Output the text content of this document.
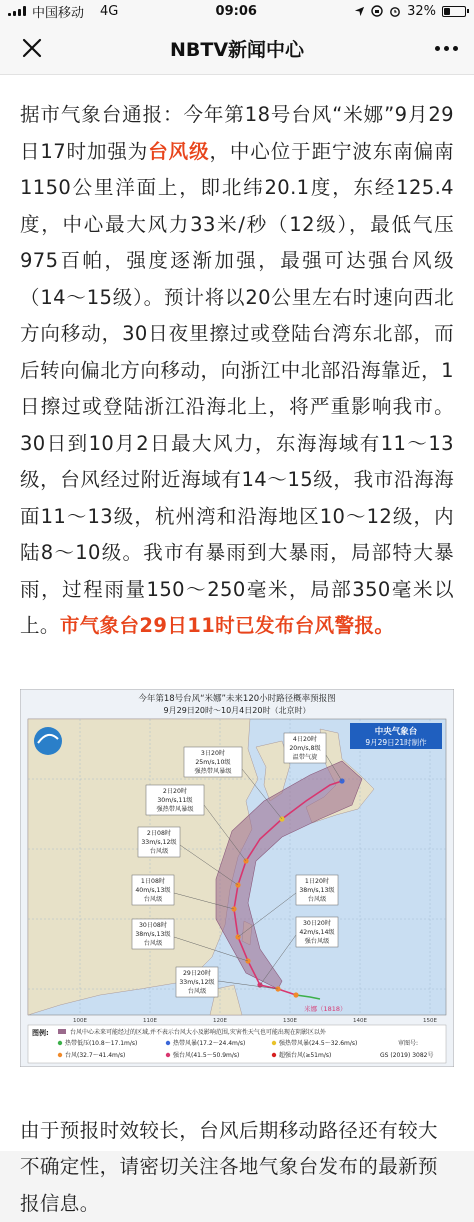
中国移动 4G	09:06	32%
NBTV新闻中心

据市气象台通报：今年第18号台风“米娜”9月29日17时加强为台风级，中心位于距宁波东南偏南1150公里洋面上，即北纬20.1度，东经125.4度，中心最大风力33米/秒（12级），最低气压975百帕，强度逐渐加强，最强可达强台风级（14～15级）。预计将以20公里左右时速向西北方向移动，30日夜里擦过或登陆台湾东北部，而后转向偏北方向移动，向浙江中北部沿海靠近，1日擦过或登陆浙江沿海北上，将严重影响我市。30日到10月2日最大风力，东海海域有11～13级，台风经过附近海域有14～15级，我市沿海海面11～13级，杭州湾和沿海地区10～12级，内陆8～10级。我市有暴雨到大暴雨，局部特大暴雨，过程雨量150～250毫米，局部350毫米以上。市气象台29日11时已发布台风警报。

今年第18号台风“米娜”未来120小时路径概率预报图
9月29日20时～10月4日20时（北京时）
中央气象台
9月29日21时制作
4日20时
20m/s,8级
温带气旋
3日20时
25m/s,10级
强热带风暴级
2日20时
30m/s,11级
强热带风暴级
2日08时
33m/s,12级
台风级
1日08时
40m/s,13级
台风级
1日20时
38m/s,13级
台风级
30日08时
38m/s,13级
台风级
30日20时
42m/s,14级
强台风级
29日20时
33m/s,12级
台风级
米娜（1818）
100E	110E	120E	130E	140E	150E
图例:	台风中心未来可能经过的区域,并不表示台风大小及影响范围,灾害性天气也可能出现在阴影区以外
热带低压(10.8～17.1m/s)	热带风暴(17.2～24.4m/s)	强热带风暴(24.5～32.6m/s)
台风(32.7～41.4m/s)	强台风(41.5～50.9m/s)	超强台风(≥51m/s)
审图号:
GS (2019) 3082号

由于预报时效较长，台风后期移动路径还有较大不确定性，请密切关注各地气象台发布的最新预报信息。
